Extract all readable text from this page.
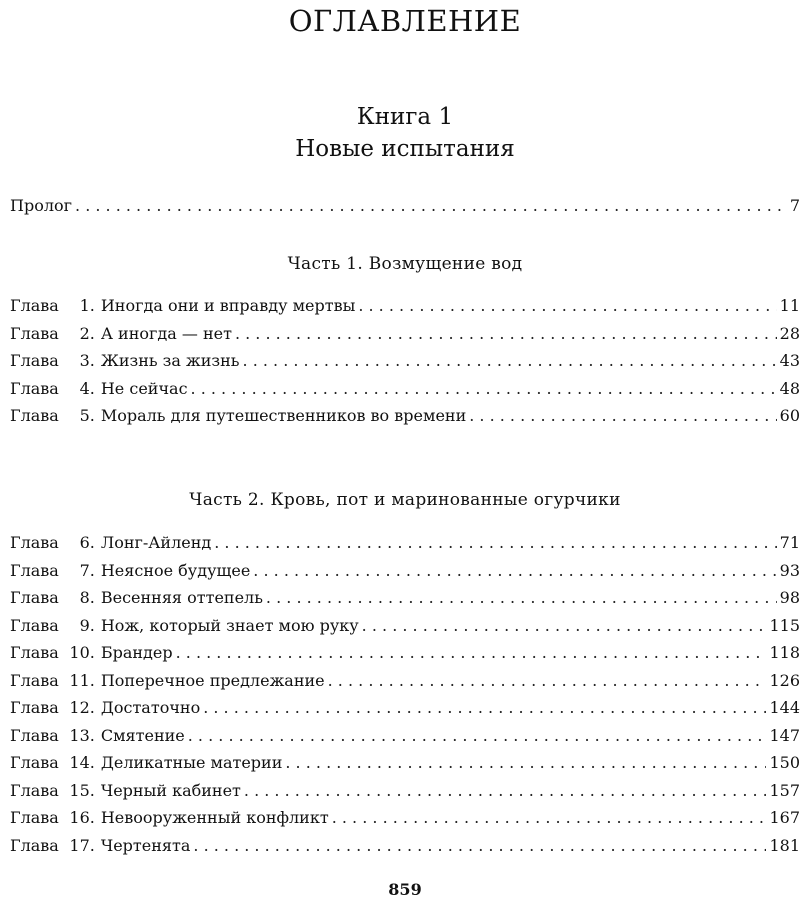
ОГЛАВЛЕНИЕ
Книга 1
Новые испытания
Пролог . . .	7
Часть 1. Возмущение вод
Глава	1 . Иногда они и вправду мертвы . . .	11
Глава	2 . А иногда — нет . . .	28
Глава	3 . Жизнь за жизнь . . .	43
Глава	4 . Не сейчас . . .	48
Глава	5 . Мораль для путешественников во времени . . .	60
Часть 2. Кровь, пот и маринованные огурчики
Глава	6 . Лонг-Айленд . . .	71
Глава	7 . Неясное будущее . . .	93
Глава	8 . Весенняя оттепель . . .	98
Глава	9 . Нож, который знает мою руку . . .	115
Глава 10 . Брандер . . .	118
Глава 11 . Поперечное предлежание . . .	126
Глава 12 . Достаточно . . .	144
Глава 13 . Смятение . . .	147
Глава 14 . Деликатные материи . . .	150
Глава 15 . Черный кабинет . . .	157
Глава 16 . Невооруженный конфликт . . .	167
Глава 17 . Чертенята . . .	181
859
